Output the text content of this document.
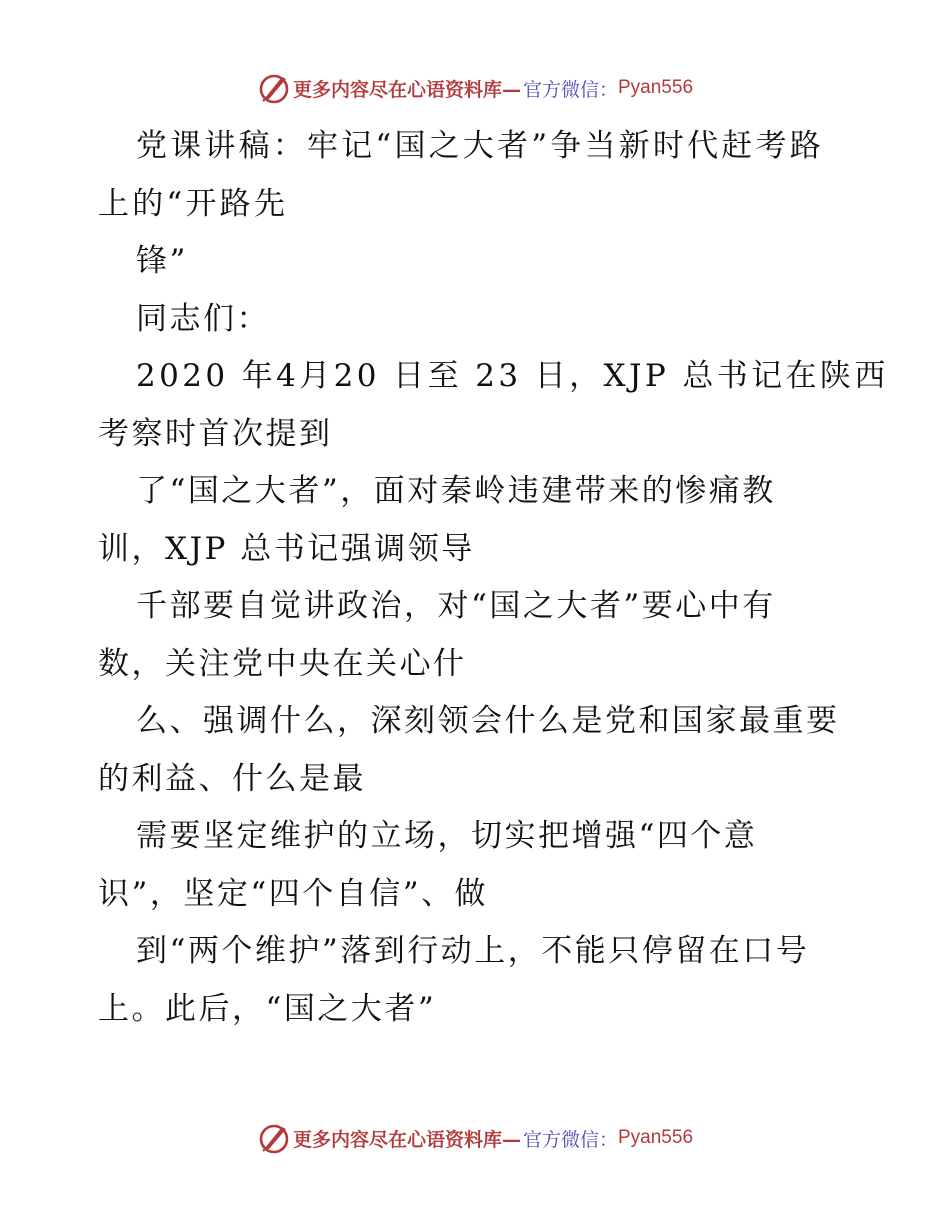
更多内容尽在心语资料库— 官方微信： Pyan556
党课讲稿：牢记“国之大者”争当新时代赶考路
上的“开路先
锋”
同志们：
2020 年4月20 日至 23 日，XJP 总书记在陕西
考察时首次提到
了“国之大者”，面对秦岭违建带来的惨痛教
训，XJP 总书记强调领导
千部要自觉讲政治，对“国之大者”要心中有
数，关注党中央在关心什
么、强调什么，深刻领会什么是党和国家最重要
的利益、什么是最
需要坚定维护的立场，切实把增强“四个意
识”，坚定“四个自信”、做
到“两个维护”落到行动上，不能只停留在口号
上。此后，“国之大者”
更多内容尽在心语资料库— 官方微信： Pyan556
